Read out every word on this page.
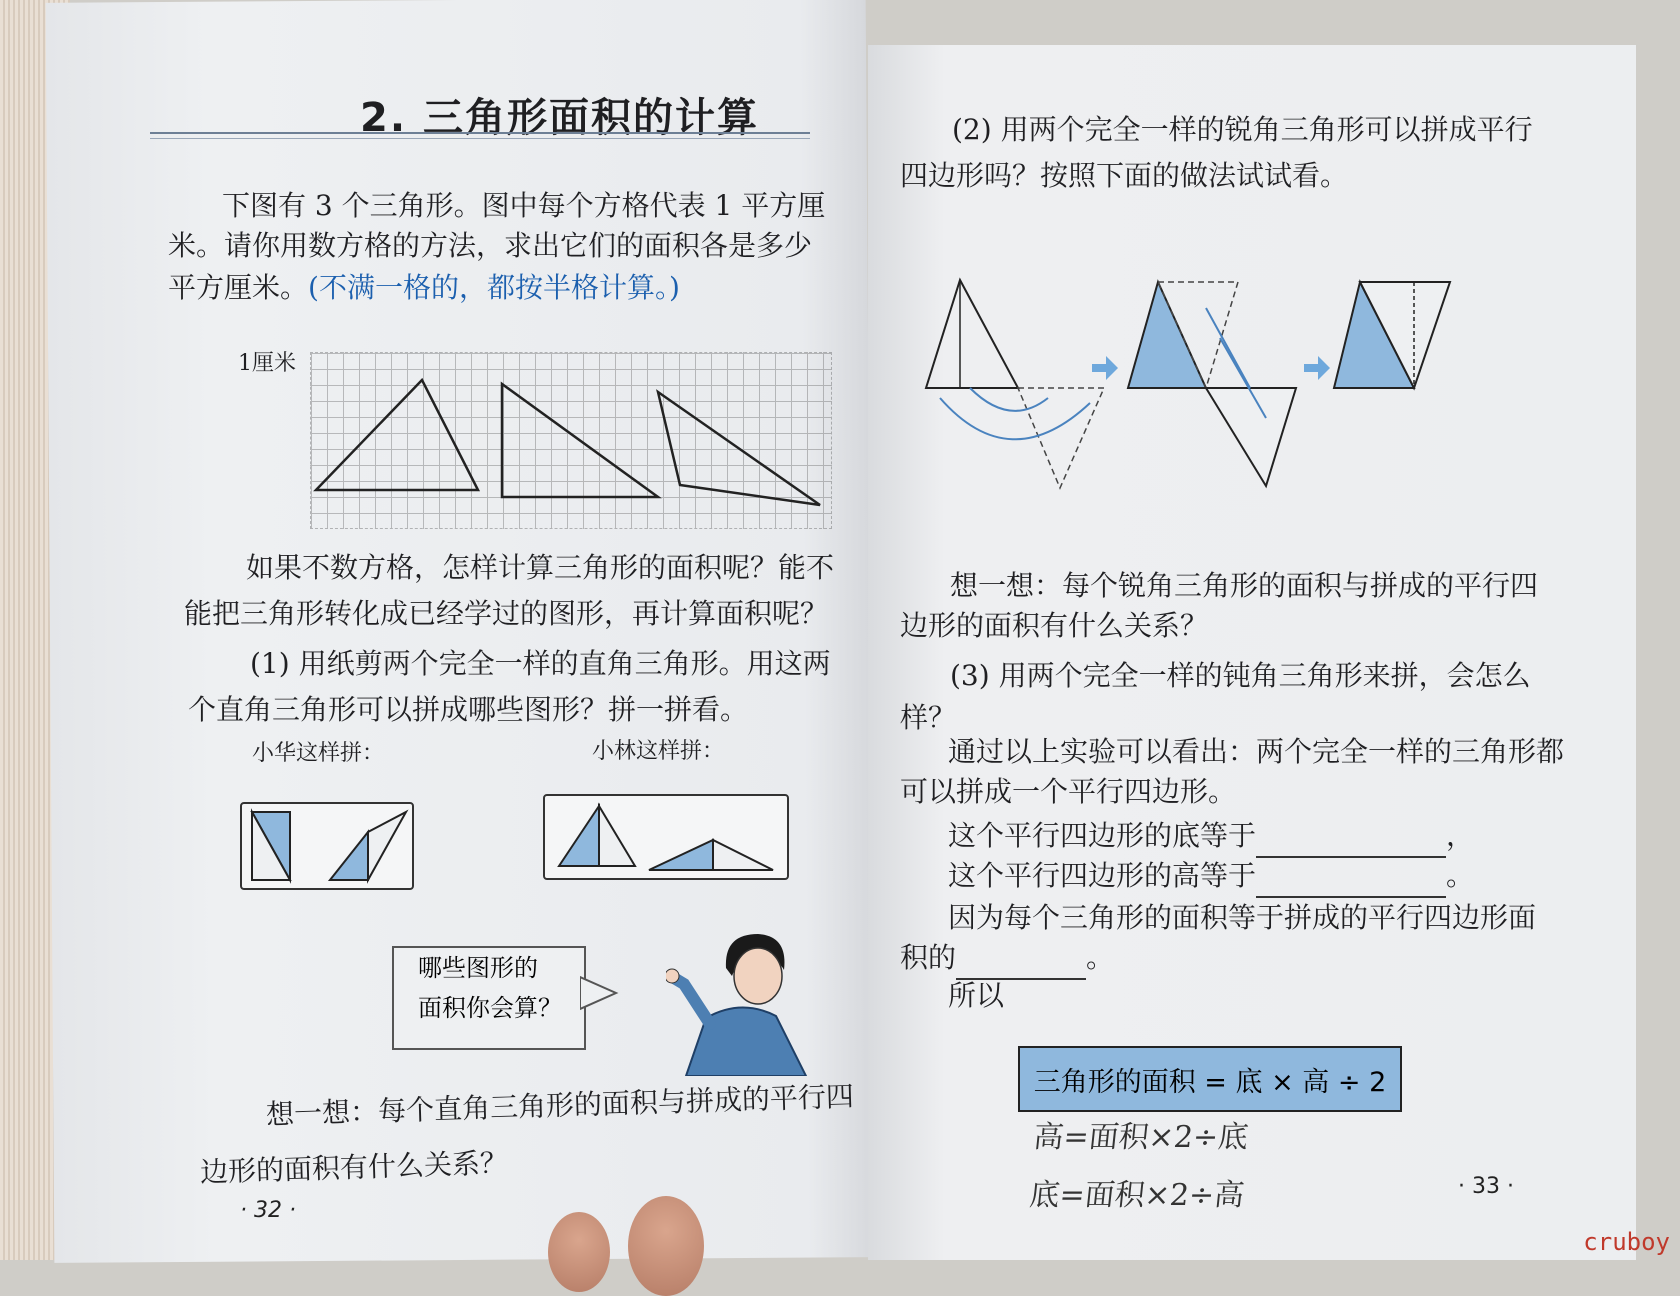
2. 三角形面积的计算
下图有 3 个三角形。图中每个方格代表 1 平方厘
米。请你用数方格的方法，求出它们的面积各是多少
平方厘米。(不满一格的，都按半格计算。)
1厘米
如果不数方格，怎样计算三角形的面积呢？能不
能把三角形转化成已经学过的图形，再计算面积呢？
(1) 用纸剪两个完全一样的直角三角形。用这两
个直角三角形可以拼成哪些图形？拼一拼看。
小华这样拼：	小林这样拼：
哪些图形的
面积你会算？
想一想：每个直角三角形的面积与拼成的平行四
边形的面积有什么关系？
· 32 ·
(2) 用两个完全一样的锐角三角形可以拼成平行
四边形吗？按照下面的做法试试看。
想一想：每个锐角三角形的面积与拼成的平行四
边形的面积有什么关系？
(3) 用两个完全一样的钝角三角形来拼，会怎么
样？
通过以上实验可以看出：两个完全一样的三角形都
可以拼成一个平行四边形。
这个平行四边形的底等于	，
这个平行四边形的高等于	。
因为每个三角形的面积等于拼成的平行四边形面
积的	。
所以
三角形的面积 = 底 × 高 ÷ 2
高=面积×2÷底
底=面积×2÷高	· 33 ·
cruboy
